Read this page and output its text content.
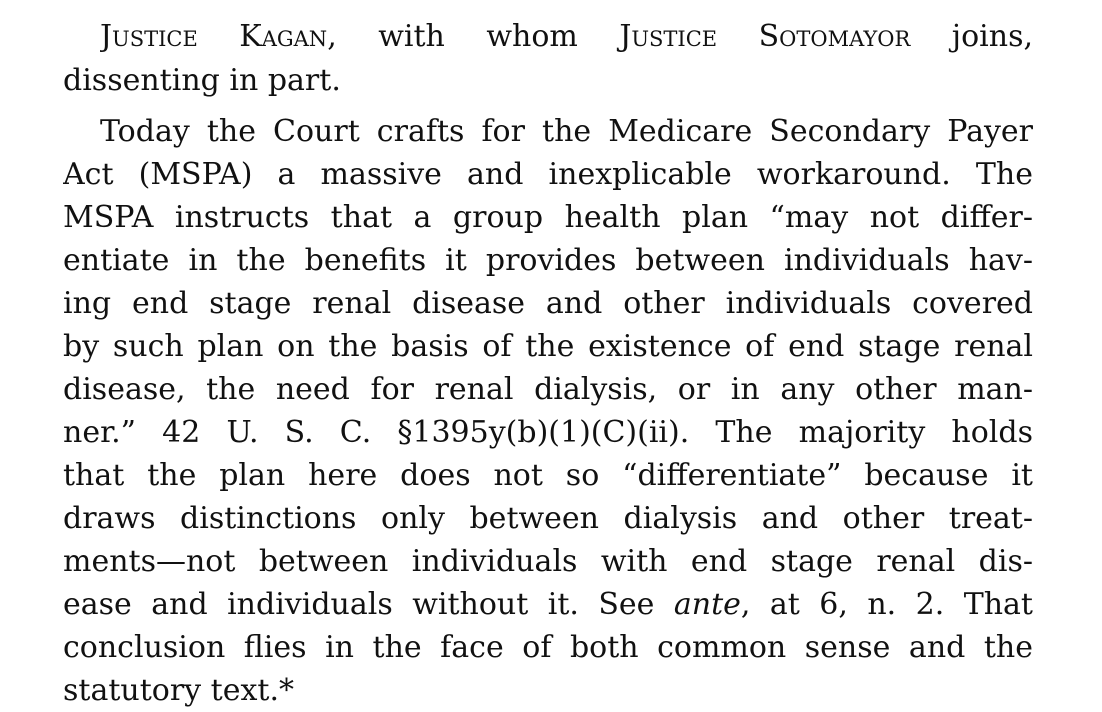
Justice Kagan, with whom Justice Sotomayor joins,
dissenting in part.
Today the Court crafts for the Medicare Secondary Payer
Act (MSPA) a massive and inexplicable workaround. The
MSPA instructs that a group health plan “may not differ-
entiate in the benefits it provides between individuals hav-
ing end stage renal disease and other individuals covered
by such plan on the basis of the existence of end stage renal
disease, the need for renal dialysis, or in any other man-
ner.” 42 U. S. C. §1395y(b)(1)(C)(ii). The majority holds
that the plan here does not so “differentiate” because it
draws distinctions only between dialysis and other treat-
ments—not between individuals with end stage renal dis-
ease and individuals without it. See ante, at 6, n. 2. That
conclusion flies in the face of both common sense and the
statutory text.*
